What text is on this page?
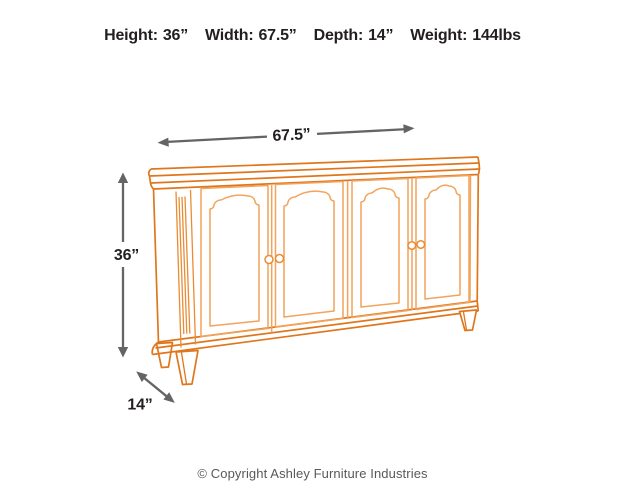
Height: 36” Width: 67.5” Depth: 14” Weight: 144lbs
67.5”
36”
14”
© Copyright Ashley Furniture Industries
